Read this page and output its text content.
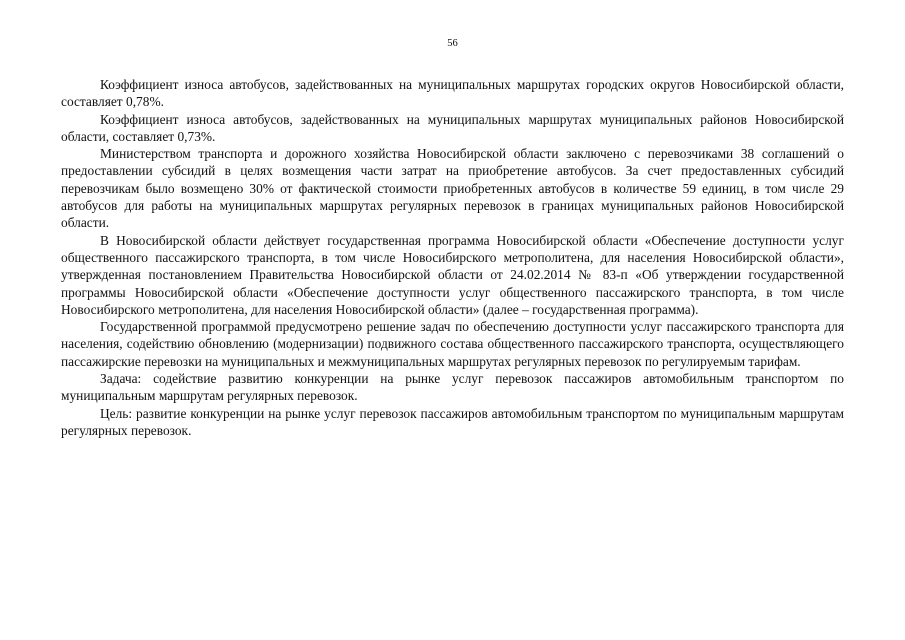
56

Коэффициент износа автобусов, задействованных на муниципальных маршрутах городских округов Новосибирской области, составляет 0,78%.

Коэффициент износа автобусов, задействованных на муниципальных маршрутах муниципальных районов Новосибирской области, составляет 0,73%.

Министерством транспорта и дорожного хозяйства Новосибирской области заключено с перевозчиками 38 соглашений о предоставлении субсидий в целях возмещения части затрат на приобретение автобусов. За счет предоставленных субсидий перевозчикам было возмещено 30% от фактической стоимости приобретенных автобусов в количестве 59 единиц, в том числе 29 автобусов для работы на муниципальных маршрутах регулярных перевозок в границах муниципальных районов Новосибирской области.

В Новосибирской области действует государственная программа Новосибирской области «Обеспечение доступности услуг общественного пассажирского транспорта, в том числе Новосибирского метрополитена, для населения Новосибирской области», утвержденная постановлением Правительства Новосибирской области от 24.02.2014 № 83-п «Об утверждении государственной программы Новосибирской области «Обеспечение доступности услуг общественного пассажирского транспорта, в том числе Новосибирского метрополитена, для населения Новосибирской области» (далее – государственная программа).

Государственной программой предусмотрено решение задач по обеспечению доступности услуг пассажирского транспорта для населения, содействию обновлению (модернизации) подвижного состава общественного пассажирского транспорта, осуществляющего пассажирские перевозки на муниципальных и межмуниципальных маршрутах регулярных перевозок по регулируемым тарифам.

Задача: содействие развитию конкуренции на рынке услуг перевозок пассажиров автомобильным транспортом по муниципальным маршрутам регулярных перевозок.

Цель: развитие конкуренции на рынке услуг перевозок пассажиров автомобильным транспортом по муниципальным маршрутам регулярных перевозок.
